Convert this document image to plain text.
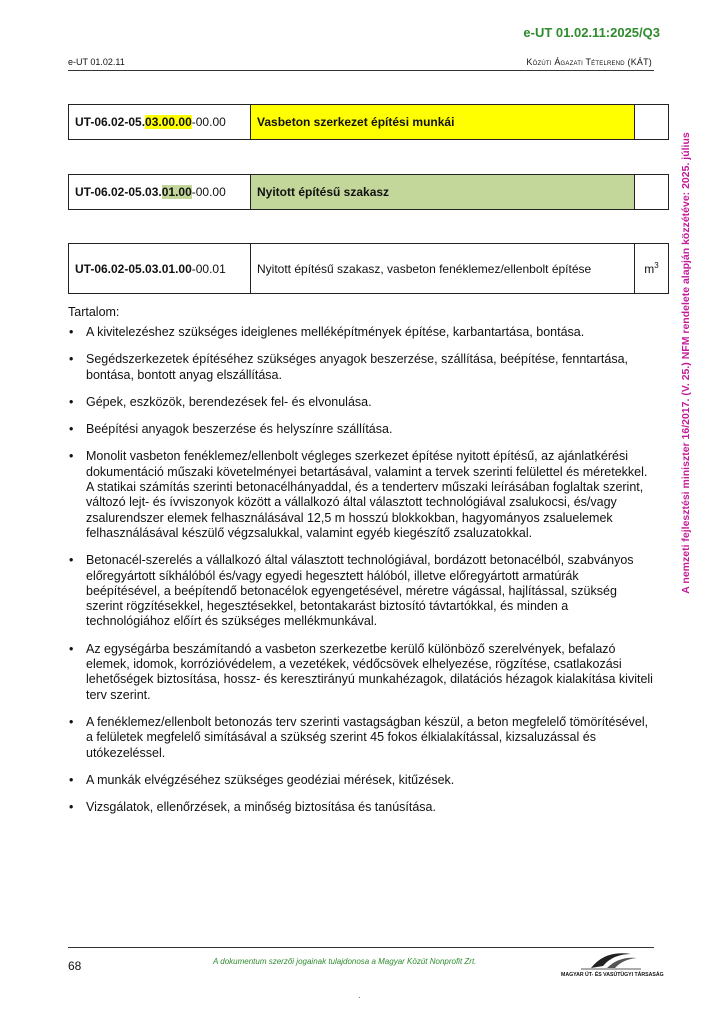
e-UT 01.02.11:2025/Q3
e-UT 01.02.11	Közúti Ágazati Tételrend (KÁT)
A nemzeti fejlesztési miniszter 16/2017. (V. 25.) NFM rendelete alapján közzétéve: 2025. július
UT-06.02-05.03.00.00-00.00	Vasbeton szerkezet építési munkái	
UT-06.02-05.03.01.00-00.00	Nyitott építésű szakasz	
UT-06.02-05.03.01.00-00.01	Nyitott építésű szakasz, vasbeton fenéklemez/ellenbolt építése	$m^3$
Tartalom:
• A kivitelezéshez szükséges ideiglenes melléképítmények építése, karbantartása, bontása.
• Segédszerkezetek építéséhez szükséges anyagok beszerzése, szállítása, beépítése, fenntartása, bontása, bontott anyag elszállítása.
• Gépek, eszközök, berendezések fel- és elvonulása.
• Beépítési anyagok beszerzése és helyszínre szállítása.
• Monolit vasbeton fenéklemez/ellenbolt végleges szerkezet építése nyitott építésű, az ajánlatkérési dokumentáció műszaki követelményei betartásával, valamint a tervek szerinti felülettel és méretekkel. A statikai számítás szerinti betonacélhányaddal, és a tenderterv műszaki leírásában foglaltak szerint, változó lejt- és ívviszonyok között a vállalkozó által választott technológiával zsalukocsi, és/vagy zsalurendszer elemek felhasználásával 12,5 m hosszú blokkokban, hagyományos zsaluelemek felhasználásával készülő végzsalukkal, valamint egyéb kiegészítő zsaluzatokkal.
• Betonacél-szerelés a vállalkozó által választott technológiával, bordázott betonacélból, szabványos előregyártott síkhálóból és/vagy egyedi hegesztett hálóból, illetve előregyártott armatúrák beépítésével, a beépítendő betonacélok egyengetésével, méretre vágással, hajlítással, szükség szerint rögzítésekkel, hegesztésekkel, betontakarást biztosító távtartókkal, és minden a technológiához előírt és szükséges mellékmunkával.
• Az egységárba beszámítandó a vasbeton szerkezetbe kerülő különböző szerelvények, befalazó elemek, idomok, korrózióvédelem, a vezetékek, védőcsövek elhelyezése, rögzítése, csatlakozási lehetőségek biztosítása, hossz- és keresztirányú munkahézagok, dilatációs hézagok kialakítása kiviteli terv szerint.
• A fenéklemez/ellenbolt betonozás terv szerinti vastagságban készül, a beton megfelelő tömörítésével, a felületek megfelelő simításával a szükség szerint 45 fokos élkialakítással, kizsaluzással és utókezeléssel.
• A munkák elvégzéséhez szükséges geodéziai mérések, kitűzések.
• Vizsgálatok, ellenőrzések, a minőség biztosítása és tanúsítása.
68	A dokumentum szerzői jogainak tulajdonosa a Magyar Közút Nonprofit Zrt.
MAGYAR ÚT- ÉS VASÚTÜGYI TÁRSASÁG
.
